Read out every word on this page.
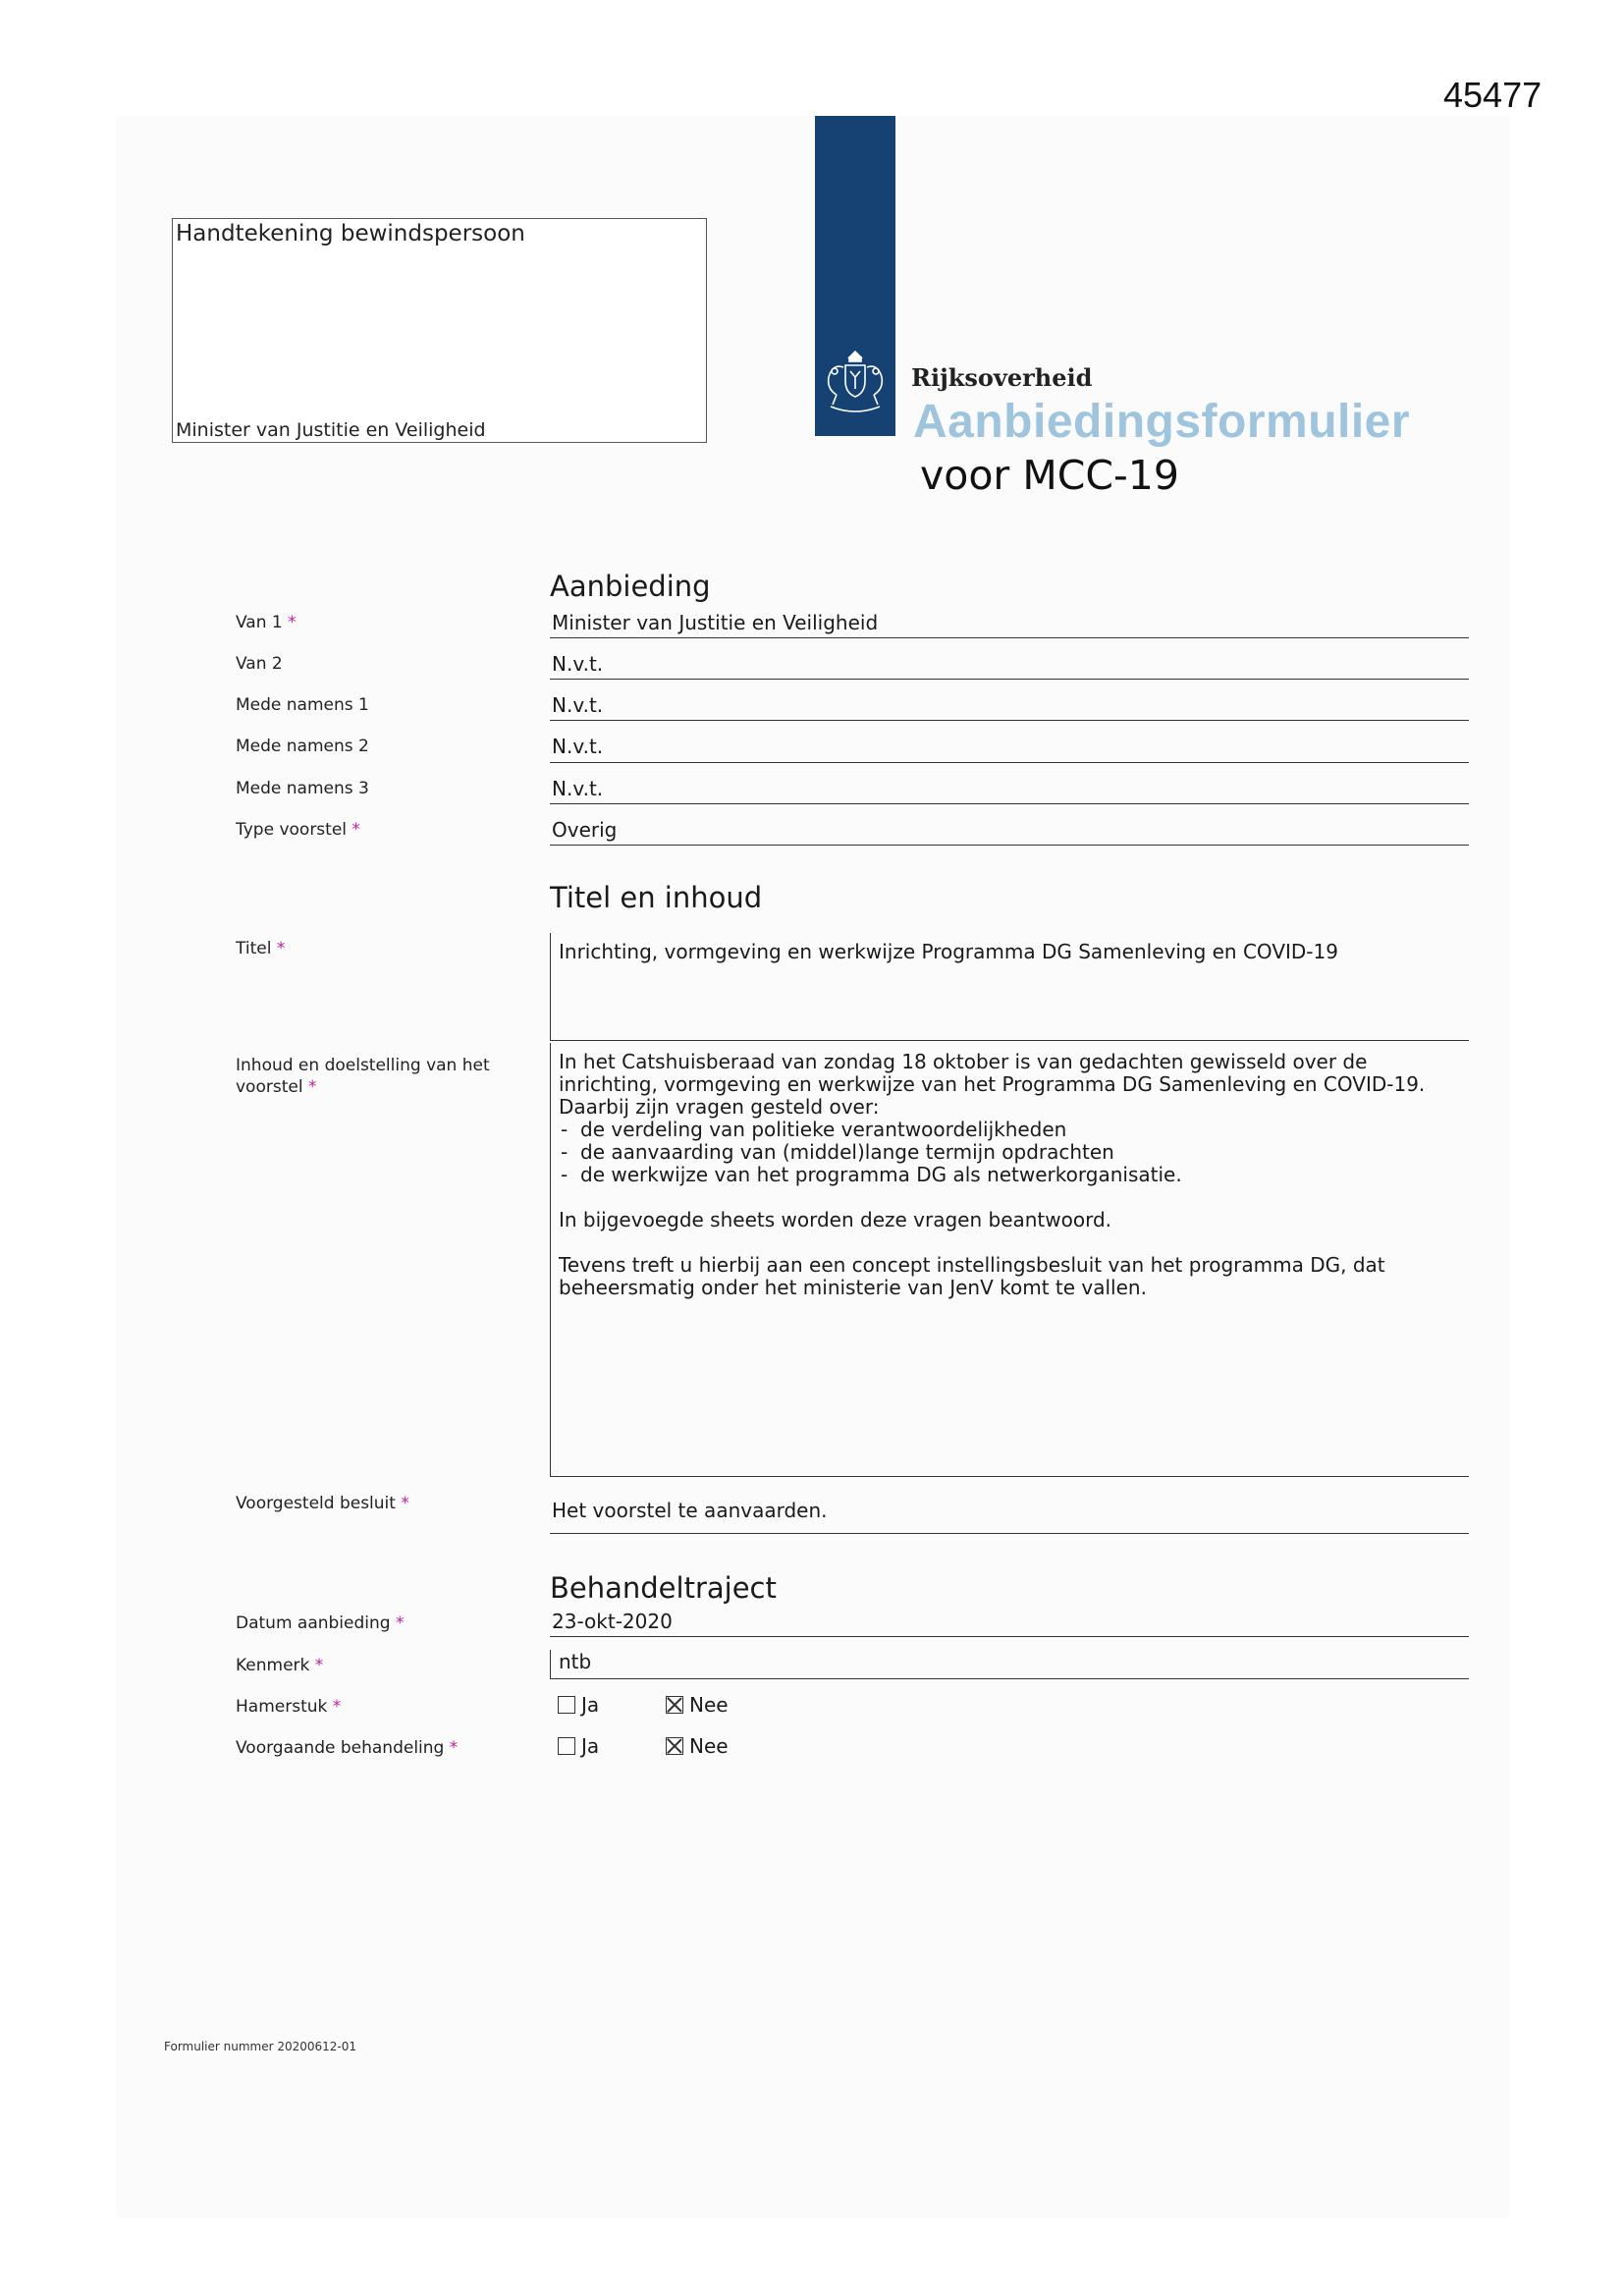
45477
Handtekening bewindspersoon
Minister van Justitie en Veiligheid
Rijksoverheid
Aanbiedingsformulier
voor MCC-19
Aanbieding
Van 1 *	Minister van Justitie en Veiligheid
Van 2	N.v.t.
Mede namens 1	N.v.t.
Mede namens 2	N.v.t.
Mede namens 3	N.v.t.
Type voorstel *	Overig
Titel en inhoud
Titel *	Inrichting, vormgeving en werkwijze Programma DG Samenleving en COVID-19
Inhoud en doelstelling van het voorstel *

In het Catshuisberaad van zondag 18 oktober is van gedachten gewisseld over de inrichting, vormgeving en werkwijze van het Programma DG Samenleving en COVID-19. Daarbij zijn vragen gesteld over:

- de verdeling van politieke verantwoordelijkheden
- de aanvaarding van (middel)lange termijn opdrachten
- de werkwijze van het programma DG als netwerkorganisatie.

In bijgevoegde sheets worden deze vragen beantwoord.

Tevens treft u hierbij aan een concept instellingsbesluit van het programma DG, dat beheersmatig onder het ministerie van JenV komt te vallen.

Voorgesteld besluit *	Het voorstel te aanvaarden.
Behandeltraject
Datum aanbieding *	23-okt-2020
Kenmerk *	ntb
Hamerstuk *	Ja	Nee
Voorgaande behandeling *	Ja	Nee
Formulier nummer 20200612-01
